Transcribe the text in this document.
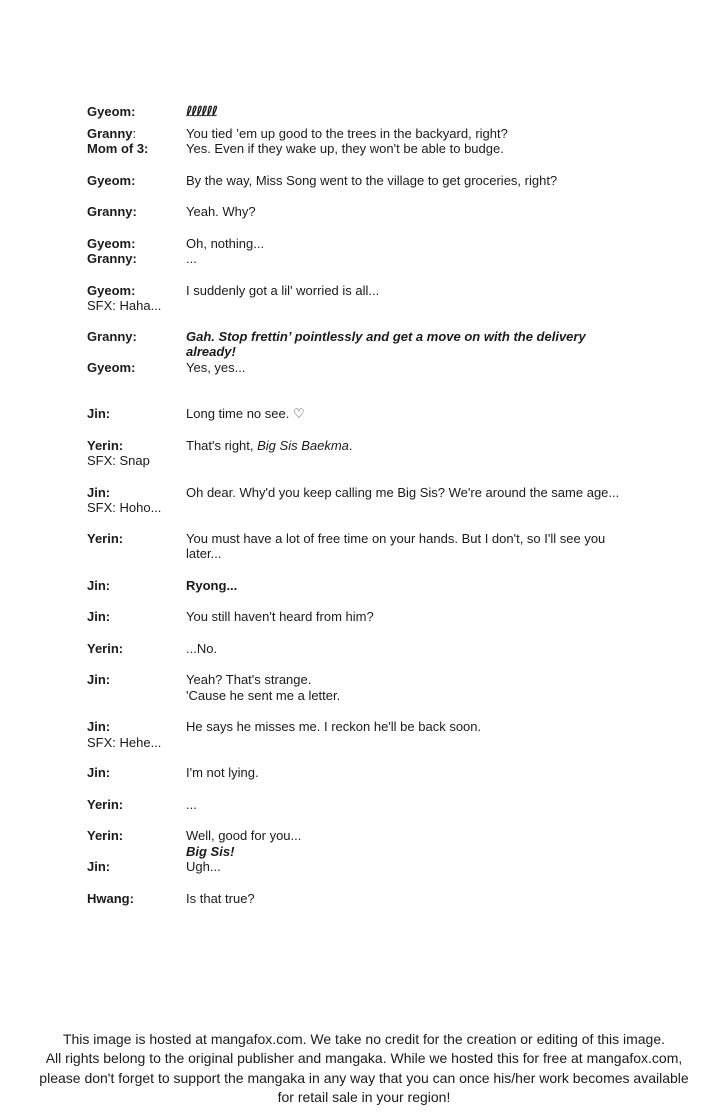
Gyeom:	ℓℓℓℓℓℓ
Granny:	You tied ’em up good to the trees in the backyard, right?
Mom of 3:	Yes. Even if they wake up, they won't be able to budge.
Gyeom:	By the way, Miss Song went to the village to get groceries, right?
Granny:	Yeah. Why?
Gyeom:	Oh, nothing...
Granny:	...
Gyeom:	I suddenly got a lil' worried is all...
SFX: Haha...
Granny:	Gah. Stop frettin’ pointlessly and get a move on with the delivery
already!
Gyeom:	Yes, yes...
Jin:	Long time no see. ♡
Yerin:	That's right, Big Sis Baekma.
SFX: Snap
Jin:	Oh dear. Why'd you keep calling me Big Sis? We're around the same age...
SFX: Hoho...
Yerin:	You must have a lot of free time on your hands. But I don't, so I'll see you
later...
Jin:	Ryong...
Jin:	You still haven't heard from him?
Yerin:	...No.
Jin:	Yeah? That's strange.
'Cause he sent me a letter.
Jin:	He says he misses me. I reckon he'll be back soon.
SFX: Hehe...
Jin:	I'm not lying.
Yerin:	...
Yerin:	Well, good for you...
Big Sis!
Jin:	Ugh...
Hwang:	Is that true?
This image is hosted at mangafox.com. We take no credit for the creation or editing of this image.
All rights belong to the original publisher and mangaka. While we hosted this for free at mangafox.com,
please don't forget to support the mangaka in any way that you can once his/her work becomes available
for retail sale in your region!
